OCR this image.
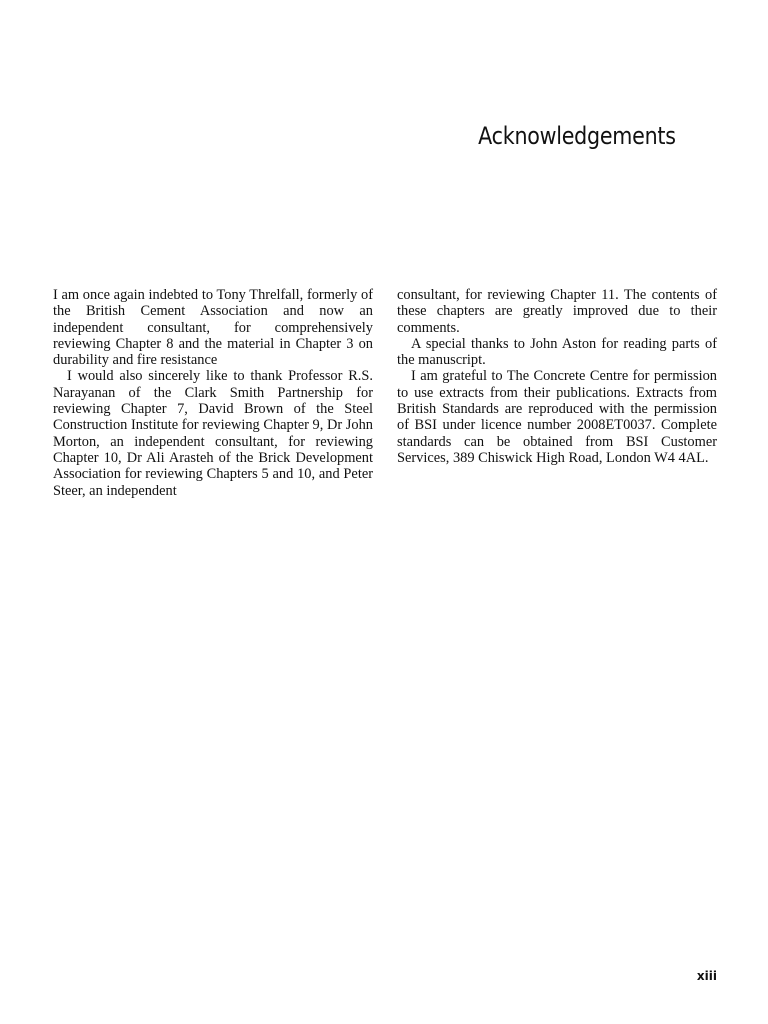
Acknowledgements

I am once again indebted to Tony Threlfall, formerly of the British Cement Association and now an independent consultant, for comprehensively reviewing Chapter 8 and the material in Chapter 3 on durability and fire resistance

I would also sincerely like to thank Professor R.S. Narayanan of the Clark Smith Partnership for reviewing Chapter 7, David Brown of the Steel Construction Institute for reviewing Chapter 9, Dr John Morton, an independent consultant, for reviewing Chapter 10, Dr Ali Arasteh of the Brick Development Association for reviewing Chapters 5 and 10, and Peter Steer, an independent

consultant, for reviewing Chapter 11. The contents of these chapters are greatly improved due to their comments.

A special thanks to John Aston for reading parts of the manuscript.

I am grateful to The Concrete Centre for permission to use extracts from their publications. Extracts from British Standards are reproduced with the permission of BSI under licence number 2008ET0037. Complete standards can be obtained from BSI Customer Services, 389 Chiswick High Road, London W4 4AL.

xiii
